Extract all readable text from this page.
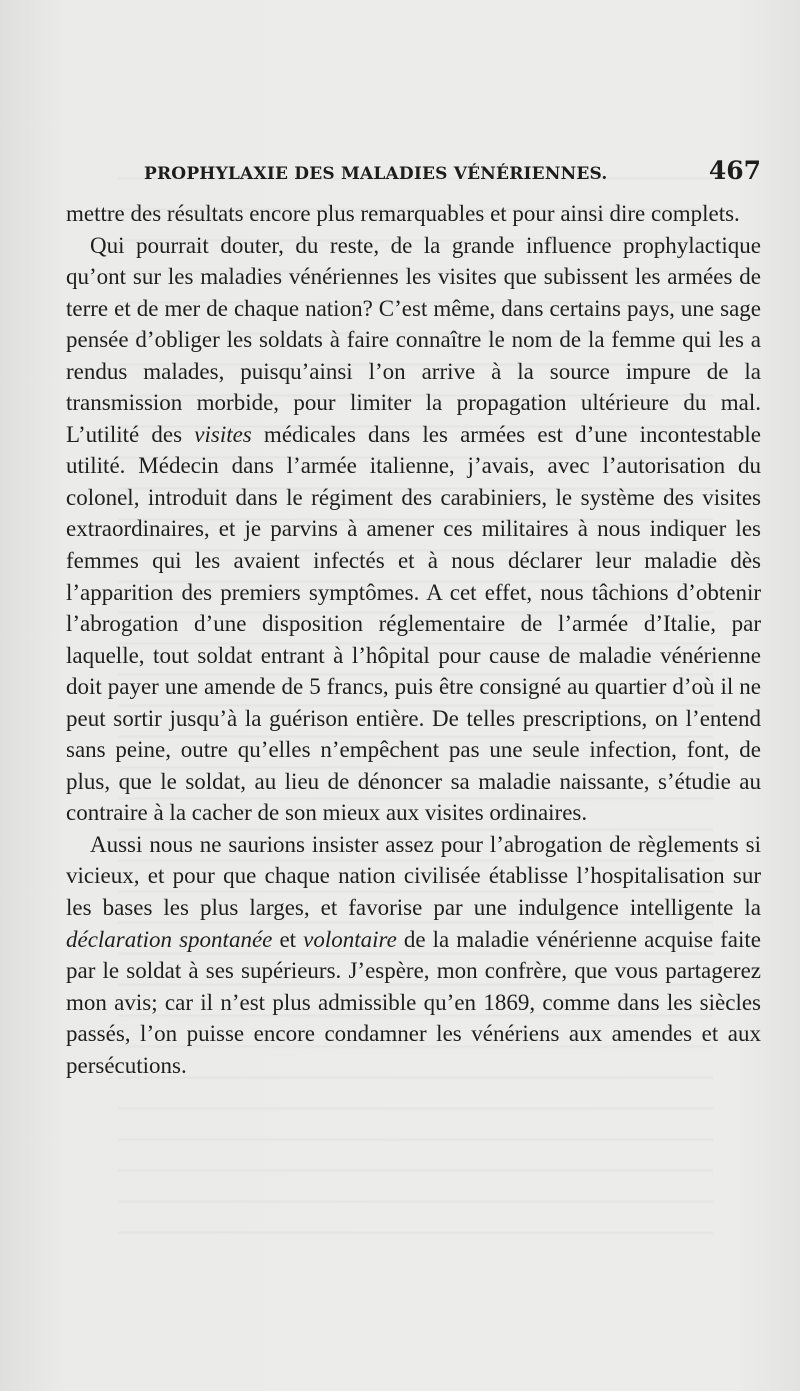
PROPHYLAXIE DES MALADIES VÉNÉRIENNES.	467

mettre des résultats encore plus remarquables et pour ainsi dire complets.

Qui pourrait douter, du reste, de la grande influence prophylactique qu’ont sur les maladies vénériennes les visites que subissent les armées de terre et de mer de chaque nation? C’est même, dans certains pays, une sage pensée d’obliger les soldats à faire connaître le nom de la femme qui les a rendus malades, puisqu’ainsi l’on arrive à la source impure de la transmission morbide, pour limiter la propagation ultérieure du mal. L’utilité des visites médicales dans les armées est d’une incontestable utilité. Médecin dans l’armée italienne, j’avais, avec l’autorisation du colonel, introduit dans le régiment des carabiniers, le système des visites extraordinaires, et je parvins à amener ces militaires à nous indiquer les femmes qui les avaient infectés et à nous déclarer leur maladie dès l’apparition des premiers symptômes. A cet effet, nous tâchions d’obtenir l’abrogation d’une disposition réglementaire de l’armée d’Italie, par laquelle, tout soldat entrant à l’hôpital pour cause de maladie vénérienne doit payer une amende de 5 francs, puis être consigné au quartier d’où il ne peut sortir jusqu’à la guérison entière. De telles prescriptions, on l’entend sans peine, outre qu’elles n’empêchent pas une seule infection, font, de plus, que le soldat, au lieu de dénoncer sa maladie naissante, s’étudie au contraire à la cacher de son mieux aux visites ordinaires.

Aussi nous ne saurions insister assez pour l’abrogation de règlements si vicieux, et pour que chaque nation civilisée établisse l’hospitalisation sur les bases les plus larges, et favorise par une indulgence intelligente la déclaration spontanée et volontaire de la maladie vénérienne acquise faite par le soldat à ses supérieurs. J’espère, mon confrère, que vous partagerez mon avis; car il n’est plus admissible qu’en 1869, comme dans les siècles passés, l’on puisse encore condamner les vénériens aux amendes et aux persécutions.
